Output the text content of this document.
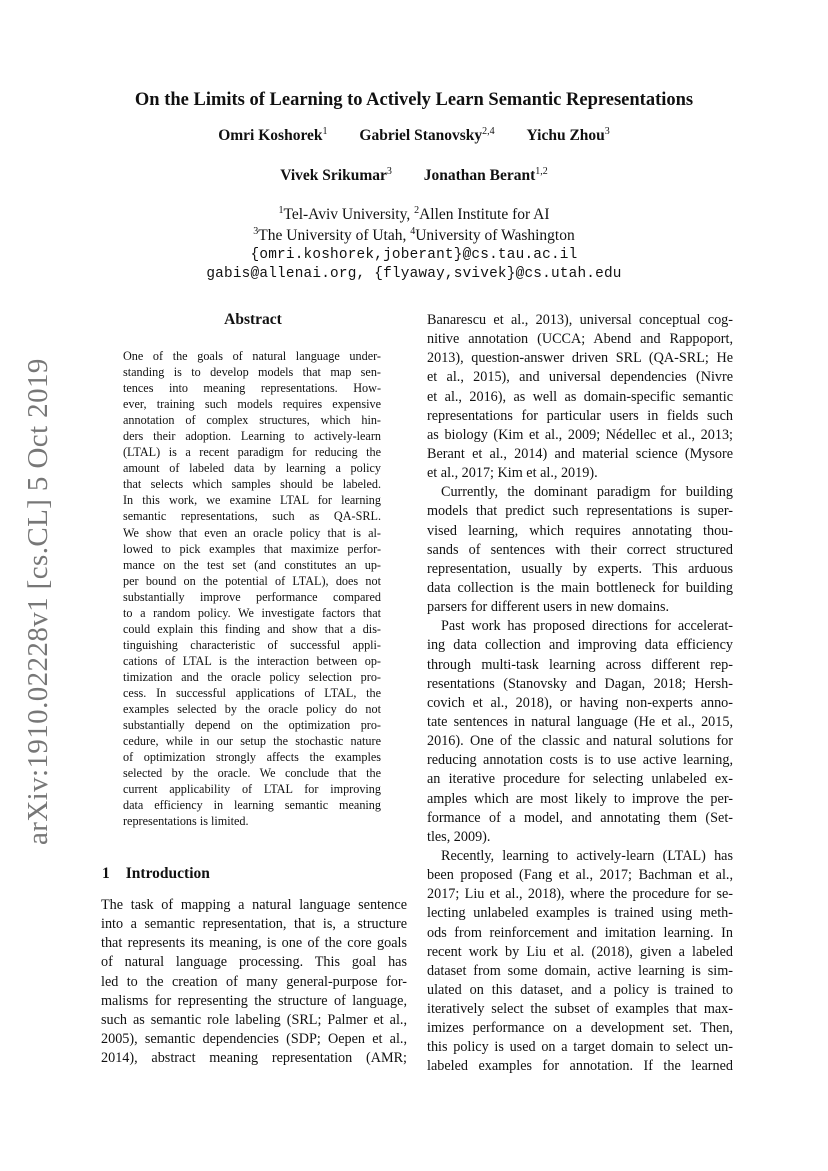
On the Limits of Learning to Actively Learn Semantic Representations
Omri Koshorek$^1$ Gabriel Stanovsky$^{2,4}$ Yichu Zhou$^3$
Vivek Srikumar$^3$ Jonathan Berant$^{1,2}$
$^1$Tel-Aviv University, $^2$Allen Institute for AI
$^3$The University of Utah, $^4$University of Washington
{omri.koshorek,joberant}@cs.tau.ac.il
gabis@allenai.org, {flyaway,svivek}@cs.utah.edu
arXiv:1910.02228v1 [cs.CL] 5 Oct 2019
Abstract
One of the goals of natural language under-
standing is to develop models that map sen-
tences into meaning representations. How-
ever, training such models requires expensive
annotation of complex structures, which hin-
ders their adoption. Learning to actively-learn
(LTAL) is a recent paradigm for reducing the
amount of labeled data by learning a policy
that selects which samples should be labeled.
In this work, we examine LTAL for learning
semantic representations, such as QA-SRL.
We show that even an oracle policy that is al-
lowed to pick examples that maximize perfor-
mance on the test set (and constitutes an up-
per bound on the potential of LTAL), does not
substantially improve performance compared
to a random policy. We investigate factors that
could explain this finding and show that a dis-
tinguishing characteristic of successful appli-
cations of LTAL is the interaction between op-
timization and the oracle policy selection pro-
cess. In successful applications of LTAL, the
examples selected by the oracle policy do not
substantially depend on the optimization pro-
cedure, while in our setup the stochastic nature
of optimization strongly affects the examples
selected by the oracle. We conclude that the
current applicability of LTAL for improving
data efficiency in learning semantic meaning
representations is limited.
1 Introduction
The task of mapping a natural language sentence
into a semantic representation, that is, a structure
that represents its meaning, is one of the core goals
of natural language processing. This goal has
led to the creation of many general-purpose for-
malisms for representing the structure of language,
such as semantic role labeling (SRL; Palmer et al.,
2005), semantic dependencies (SDP; Oepen et al.,
2014), abstract meaning representation (AMR;
Banarescu et al., 2013), universal conceptual cog-
nitive annotation (UCCA; Abend and Rappoport,
2013), question-answer driven SRL (QA-SRL; He
et al., 2015), and universal dependencies (Nivre
et al., 2016), as well as domain-specific semantic
representations for particular users in fields such
as biology (Kim et al., 2009; Nédellec et al., 2013;
Berant et al., 2014) and material science (Mysore
et al., 2017; Kim et al., 2019).
Currently, the dominant paradigm for building
models that predict such representations is super-
vised learning, which requires annotating thou-
sands of sentences with their correct structured
representation, usually by experts. This arduous
data collection is the main bottleneck for building
parsers for different users in new domains.
Past work has proposed directions for accelerat-
ing data collection and improving data efficiency
through multi-task learning across different rep-
resentations (Stanovsky and Dagan, 2018; Hersh-
covich et al., 2018), or having non-experts anno-
tate sentences in natural language (He et al., 2015,
2016). One of the classic and natural solutions for
reducing annotation costs is to use active learning,
an iterative procedure for selecting unlabeled ex-
amples which are most likely to improve the per-
formance of a model, and annotating them (Set-
tles, 2009).
Recently, learning to actively-learn (LTAL) has
been proposed (Fang et al., 2017; Bachman et al.,
2017; Liu et al., 2018), where the procedure for se-
lecting unlabeled examples is trained using meth-
ods from reinforcement and imitation learning. In
recent work by Liu et al. (2018), given a labeled
dataset from some domain, active learning is sim-
ulated on this dataset, and a policy is trained to
iteratively select the subset of examples that max-
imizes performance on a development set. Then,
this policy is used on a target domain to select un-
labeled examples for annotation. If the learned
